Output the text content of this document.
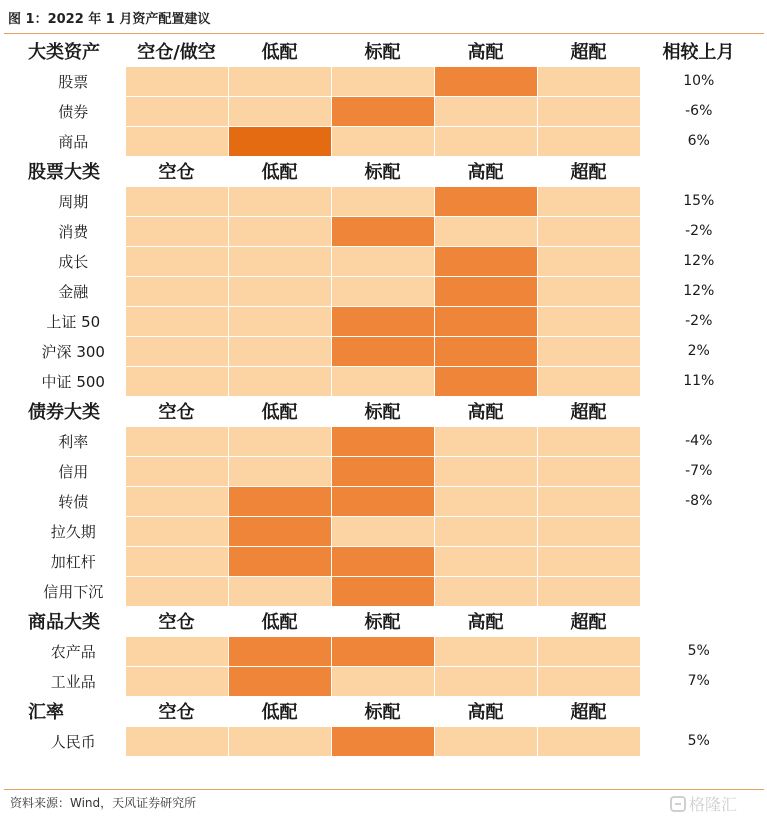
图 1：2022 年 1 月资产配置建议
大类资产	空仓/做空	低配	标配	高配	超配	相较上月
股票						10%
债券						-6%
商品						6%
股票大类	空仓	低配	标配	高配	超配	
周期						15%
消费						-2%
成长						12%
金融						12%
上证 50						-2%
沪深 300						2%
中证 500						11%
债券大类	空仓	低配	标配	高配	超配	
利率						-4%
信用						-7%
转债						-8%
拉久期						
加杠杆						
信用下沉						
商品大类	空仓	低配	标配	高配	超配	
农产品						5%
工业品						7%
汇率	空仓	低配	标配	高配	超配	
人民币						5%
资料来源：Wind，天风证券研究所	格隆汇
